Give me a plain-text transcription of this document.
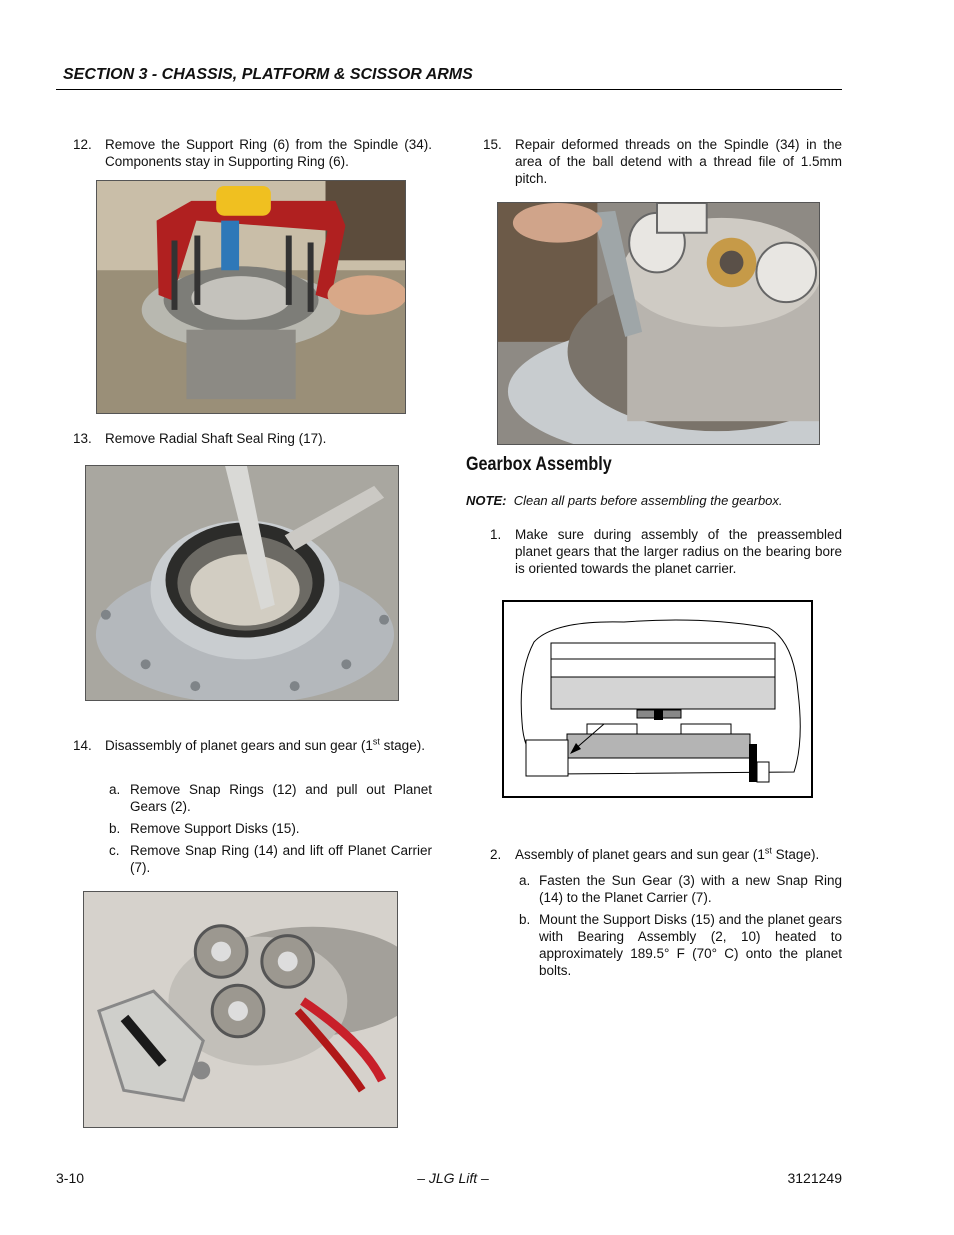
SECTION 3 - CHASSIS, PLATFORM & SCISSOR ARMS
12. Remove the Support Ring (6) from the Spindle (34). Components stay in Supporting Ring (6).
13. Remove Radial Shaft Seal Ring (17).
14. Disassembly of planet gears and sun gear (1st stage).
a. Remove Snap Rings (12) and pull out Planet Gears (2).
b. Remove Support Disks (15).
c. Remove Snap Ring (14) and lift off Planet Carrier (7).
15. Repair deformed threads on the Spindle (34) in the area of the ball detend with a thread file of 1.5mm pitch.
Gearbox Assembly
NOTE: Clean all parts before assembling the gearbox.
1. Make sure during assembly of the preassembled planet gears that the larger radius on the bearing bore is oriented towards the planet carrier.
2. Assembly of planet gears and sun gear (1st Stage).
a. Fasten the Sun Gear (3) with a new Snap Ring (14) to the Planet Carrier (7).
b. Mount the Support Disks (15) and the planet gears with Bearing Assembly (2, 10) heated to approximately 189.5° F (70° C) onto the planet bolts.
3-10	– JLG Lift –	3121249
